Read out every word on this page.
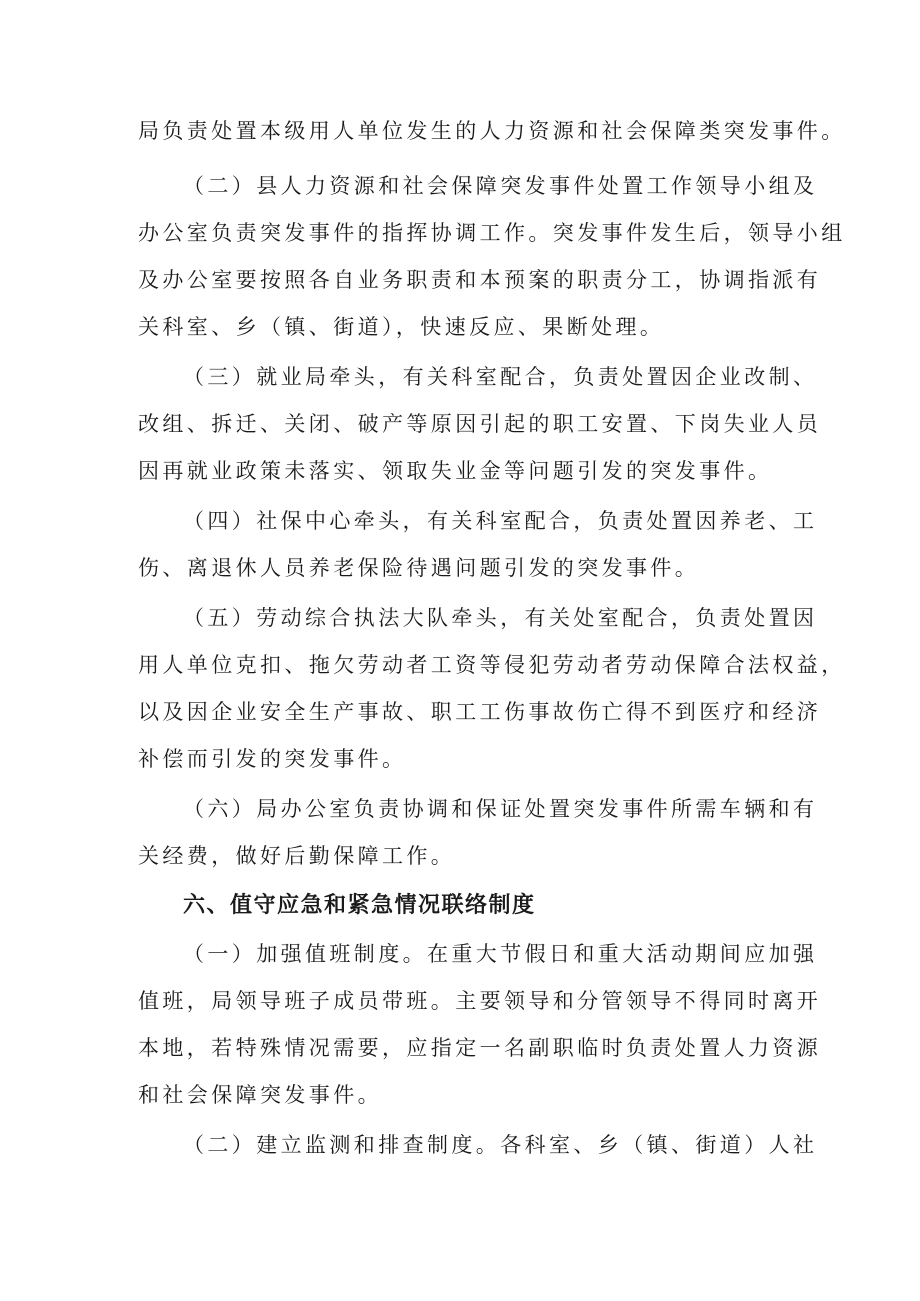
局负责处置本级用人单位发生的人力资源和社会保障类突发事件。
（二）县人力资源和社会保障突发事件处置工作领导小组及
办公室负责突发事件的指挥协调工作。突发事件发生后，领导小组
及办公室要按照各自业务职责和本预案的职责分工，协调指派有
关科室、乡（镇、街道），快速反应、果断处理。
（三）就业局牵头，有关科室配合，负责处置因企业改制、
改组、拆迁、关闭、破产等原因引起的职工安置、下岗失业人员
因再就业政策未落实、领取失业金等问题引发的突发事件。
（四）社保中心牵头，有关科室配合，负责处置因养老、工
伤、离退休人员养老保险待遇问题引发的突发事件。
（五）劳动综合执法大队牵头，有关处室配合，负责处置因
用人单位克扣、拖欠劳动者工资等侵犯劳动者劳动保障合法权益，
以及因企业安全生产事故、职工工伤事故伤亡得不到医疗和经济
补偿而引发的突发事件。
（六）局办公室负责协调和保证处置突发事件所需车辆和有
关经费，做好后勤保障工作。
六、值守应急和紧急情况联络制度
（一）加强值班制度。在重大节假日和重大活动期间应加强
值班，局领导班子成员带班。主要领导和分管领导不得同时离开
本地，若特殊情况需要，应指定一名副职临时负责处置人力资源
和社会保障突发事件。
（二）建立监测和排查制度。各科室、乡（镇、街道）人社
